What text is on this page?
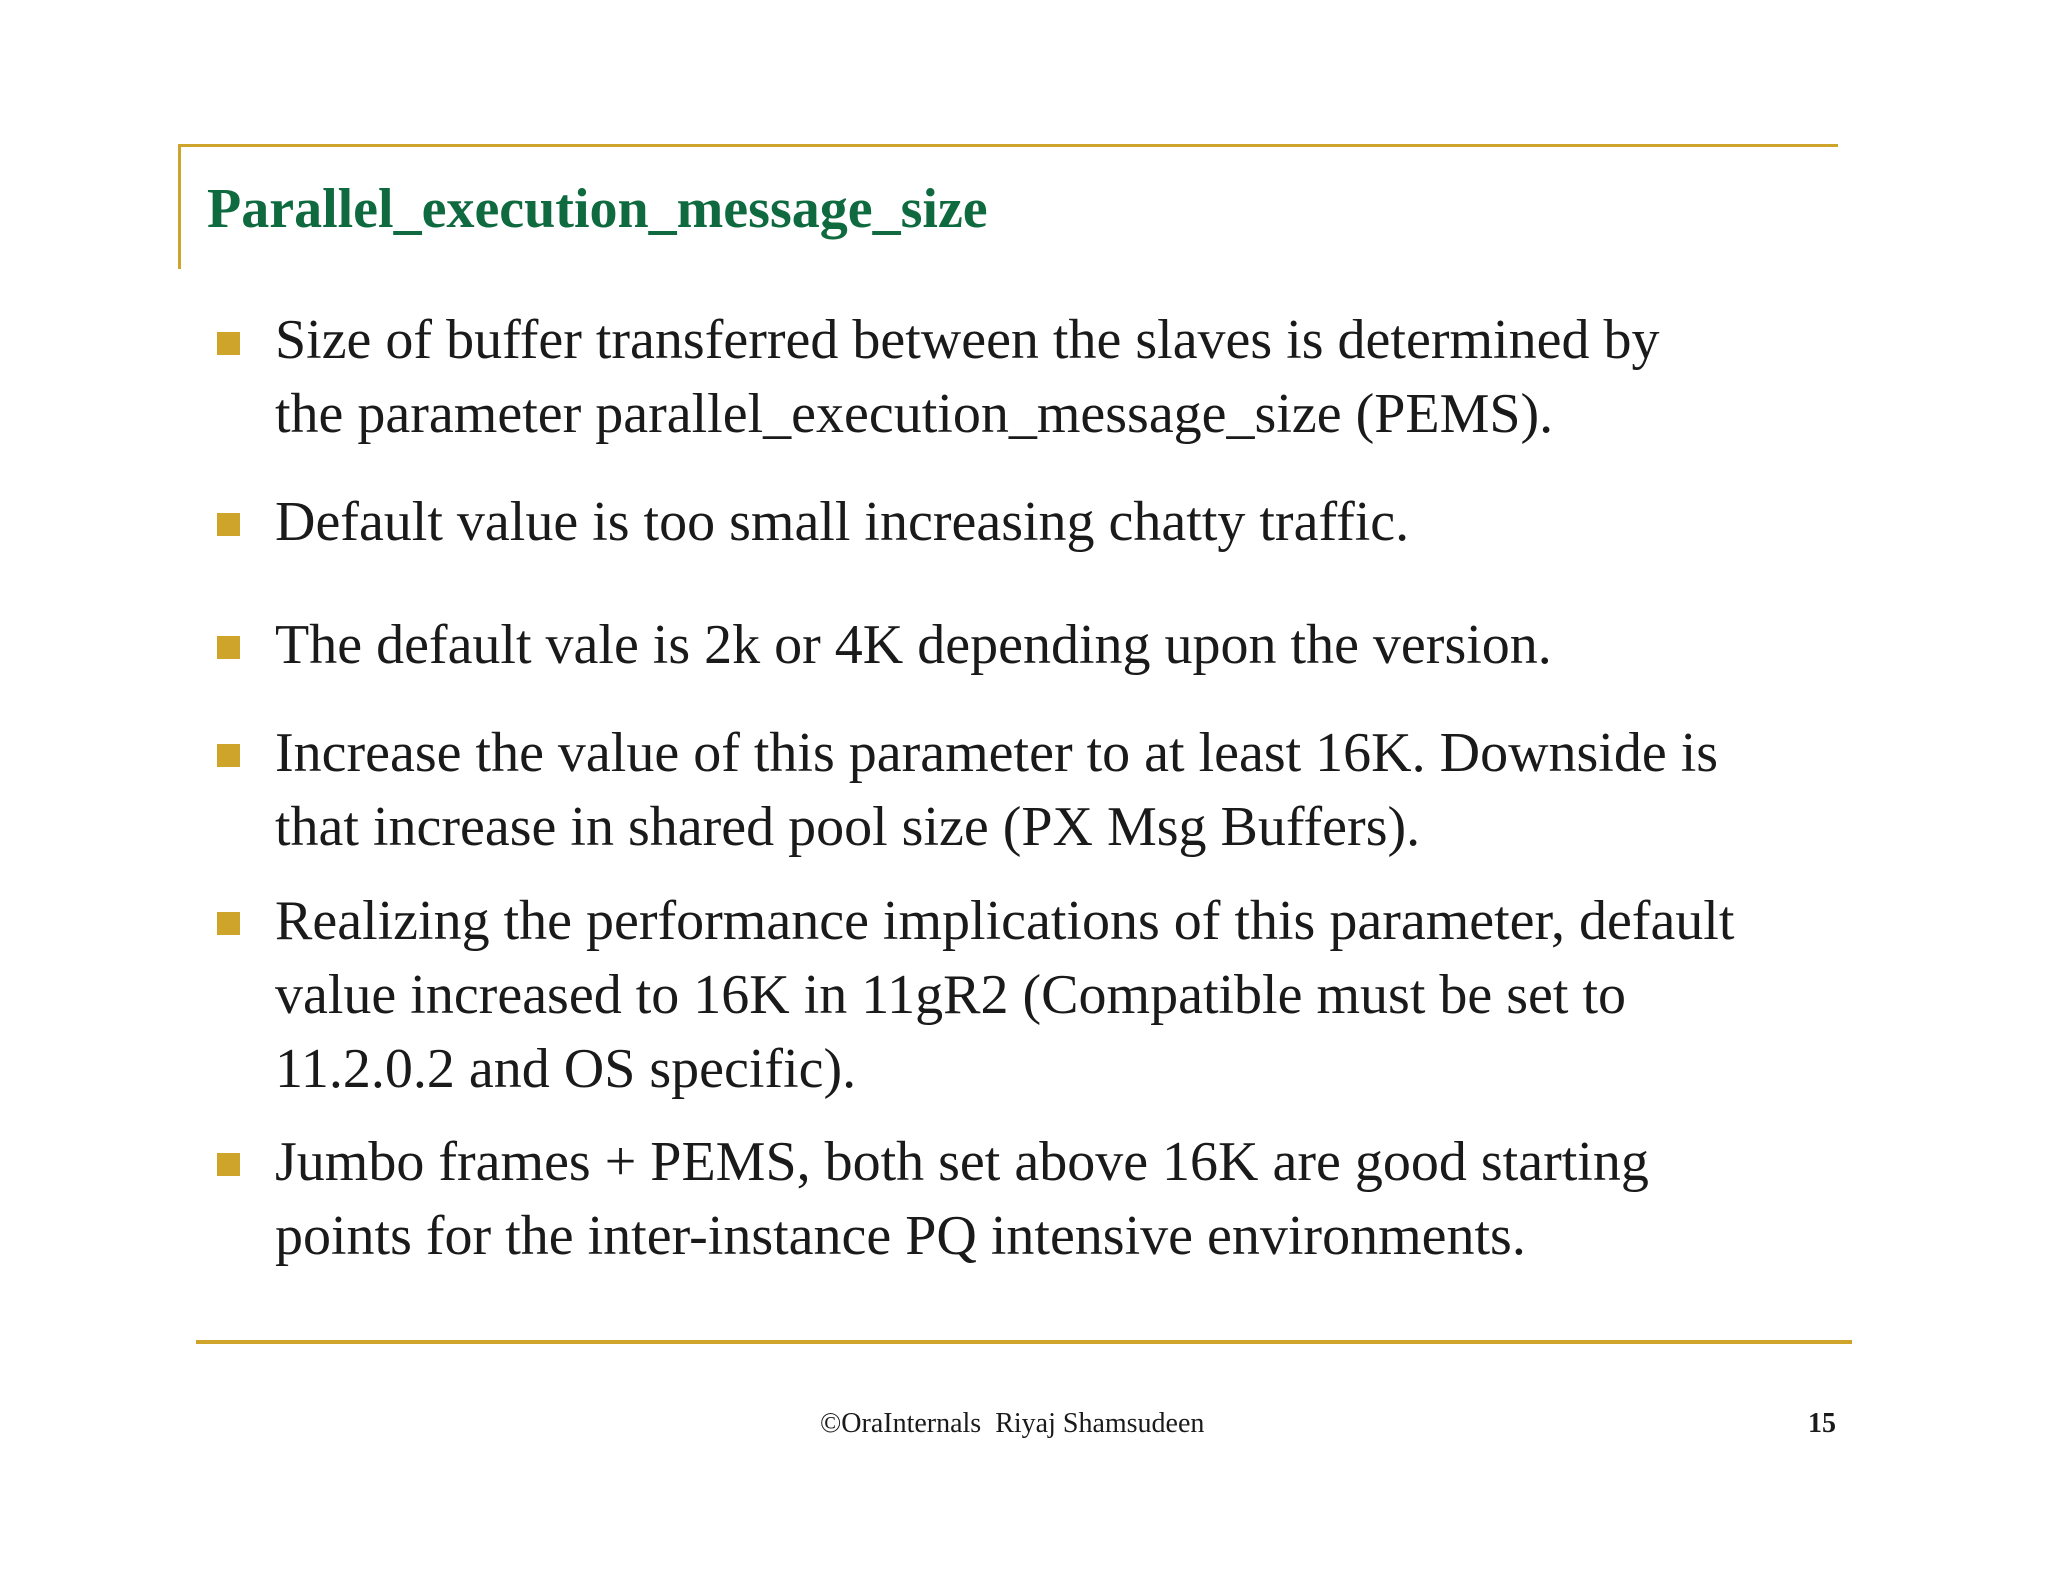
Parallel_execution_message_size

Size of buffer transferred between the slaves is determined by
the parameter parallel_execution_message_size (PEMS).

Default value is too small increasing chatty traffic.

The default vale is 2k or 4K depending upon the version.

Increase the value of this parameter to at least 16K. Downside is
that increase in shared pool size (PX Msg Buffers).

Realizing the performance implications of this parameter, default
value increased to 16K in 11gR2 (Compatible must be set to
11.2.0.2 and OS specific).

Jumbo frames + PEMS, both set above 16K are good starting
points for the inter-instance PQ intensive environments.

©OraInternals  Riyaj Shamsudeen	15
